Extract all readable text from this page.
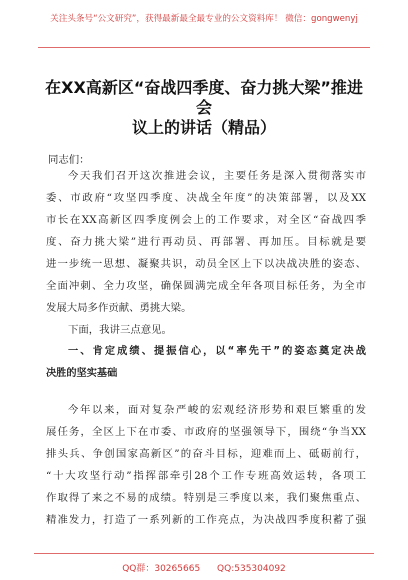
关注头条号“公文研究”，获得最新最全最专业的公文资料库！ 微信：gongwenyj
在XX高新区“奋战四季度、奋力挑大梁”推进会
议上的讲话（精品）
同志们：
今天我们召开这次推进会议，主要任务是深入贯彻落实市
委、市政府“攻坚四季度、决战全年度”的决策部署，以及XX
市长在XX高新区四季度例会上的工作要求，对全区“奋战四季
度、奋力挑大梁”进行再动员、再部署、再加压。目标就是要
进一步统一思想、凝聚共识，动员全区上下以决战决胜的姿态、
全面冲刺、全力攻坚，确保圆满完成全年各项目标任务，为全市
发展大局多作贡献、勇挑大梁。
下面，我讲三点意见。
一、肯定成绩、提振信心，以“率先干”的姿态奠定决战
决胜的坚实基础
今年以来，面对复杂严峻的宏观经济形势和艰巨繁重的发
展任务，全区上下在市委、市政府的坚强领导下，围绕“争当XX
排头兵、争创国家高新区”的奋斗目标，迎难而上、砥砺前行，
“十大攻坚行动”指挥部牵引28个工作专班高效运转，各项工
作取得了来之不易的成绩。特别是三季度以来，我们聚焦重点、
精准发力，打造了一系列新的工作亮点，为决战四季度积蓄了强
QQ群：30265665 QQ:535304092
